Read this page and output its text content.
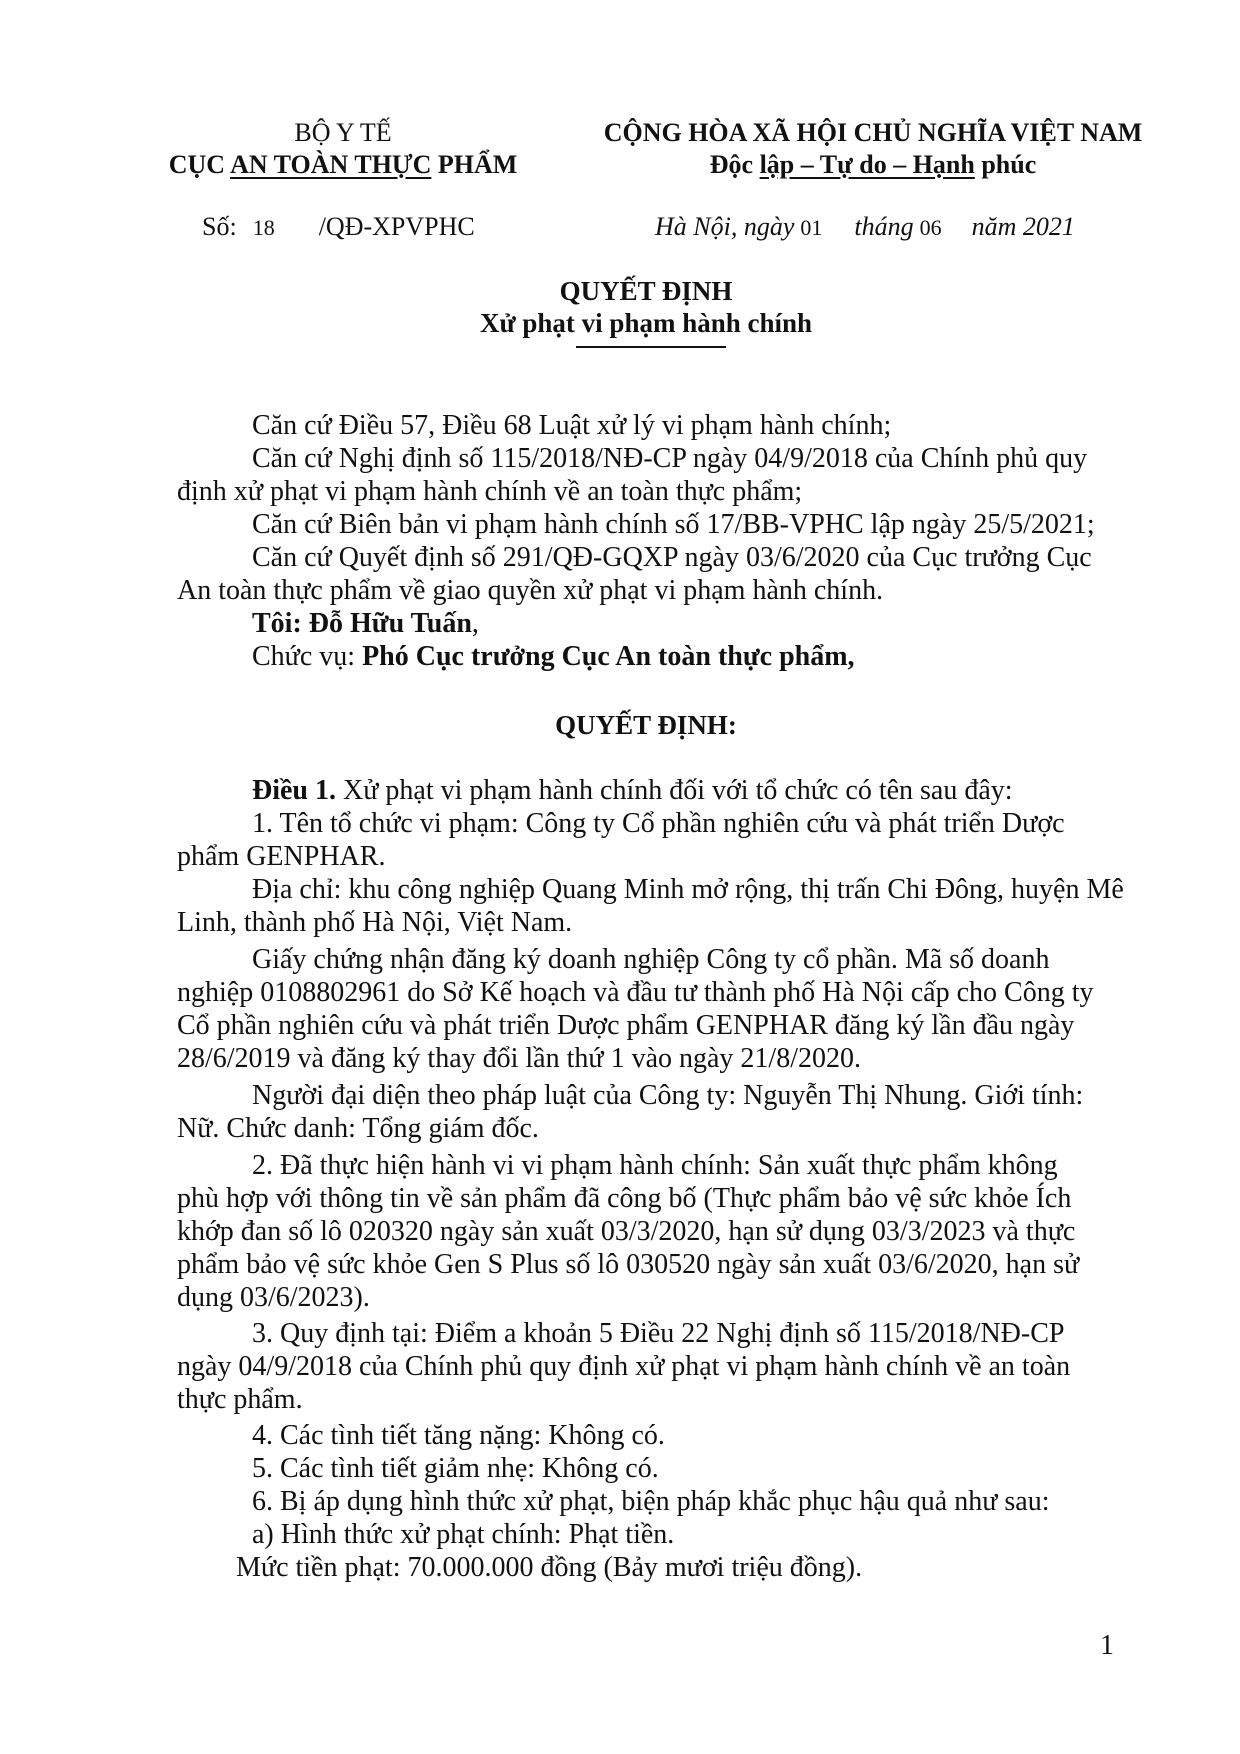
BỘ Y TẾ
CỤC AN TOÀN THỰC PHẨM
CỘNG HÒA XÃ HỘI CHỦ NGHĨA VIỆT NAM
Độc lập – Tự do – Hạnh phúc
Số: 18 /QĐ-XPVPHC	Hà Nội, ngày 01 tháng 06 năm 2021
QUYẾT ĐỊNH
Xử phạt vi phạm hành chính
Căn cứ Điều 57, Điều 68 Luật xử lý vi phạm hành chính;
Căn cứ Nghị định số 115/2018/NĐ-CP ngày 04/9/2018 của Chính phủ quy
định xử phạt vi phạm hành chính về an toàn thực phẩm;
Căn cứ Biên bản vi phạm hành chính số 17/BB-VPHC lập ngày 25/5/2021;
Căn cứ Quyết định số 291/QĐ-GQXP ngày 03/6/2020 của Cục trưởng Cục
An toàn thực phẩm về giao quyền xử phạt vi phạm hành chính.
Tôi: Đỗ Hữu Tuấn,
Chức vụ: Phó Cục trưởng Cục An toàn thực phẩm,
QUYẾT ĐỊNH:
Điều 1. Xử phạt vi phạm hành chính đối với tổ chức có tên sau đây:
1. Tên tổ chức vi phạm: Công ty Cổ phần nghiên cứu và phát triển Dược
phẩm GENPHAR.
Địa chỉ: khu công nghiệp Quang Minh mở rộng, thị trấn Chi Đông, huyện Mê
Linh, thành phố Hà Nội, Việt Nam.
Giấy chứng nhận đăng ký doanh nghiệp Công ty cổ phần. Mã số doanh
nghiệp 0108802961 do Sở Kế hoạch và đầu tư thành phố Hà Nội cấp cho Công ty
Cổ phần nghiên cứu và phát triển Dược phẩm GENPHAR đăng ký lần đầu ngày
28/6/2019 và đăng ký thay đổi lần thứ 1 vào ngày 21/8/2020.
Người đại diện theo pháp luật của Công ty: Nguyễn Thị Nhung. Giới tính:
Nữ. Chức danh: Tổng giám đốc.
2. Đã thực hiện hành vi vi phạm hành chính: Sản xuất thực phẩm không
phù hợp với thông tin về sản phẩm đã công bố (Thực phẩm bảo vệ sức khỏe Ích
khớp đan số lô 020320 ngày sản xuất 03/3/2020, hạn sử dụng 03/3/2023 và thực
phẩm bảo vệ sức khỏe Gen S Plus số lô 030520 ngày sản xuất 03/6/2020, hạn sử
dụng 03/6/2023).
3. Quy định tại: Điểm a khoản 5 Điều 22 Nghị định số 115/2018/NĐ-CP
ngày 04/9/2018 của Chính phủ quy định xử phạt vi phạm hành chính về an toàn
thực phẩm.
4. Các tình tiết tăng nặng: Không có.
5. Các tình tiết giảm nhẹ: Không có.
6. Bị áp dụng hình thức xử phạt, biện pháp khắc phục hậu quả như sau:
a) Hình thức xử phạt chính: Phạt tiền.
Mức tiền phạt: 70.000.000 đồng (Bảy mươi triệu đồng).
1
